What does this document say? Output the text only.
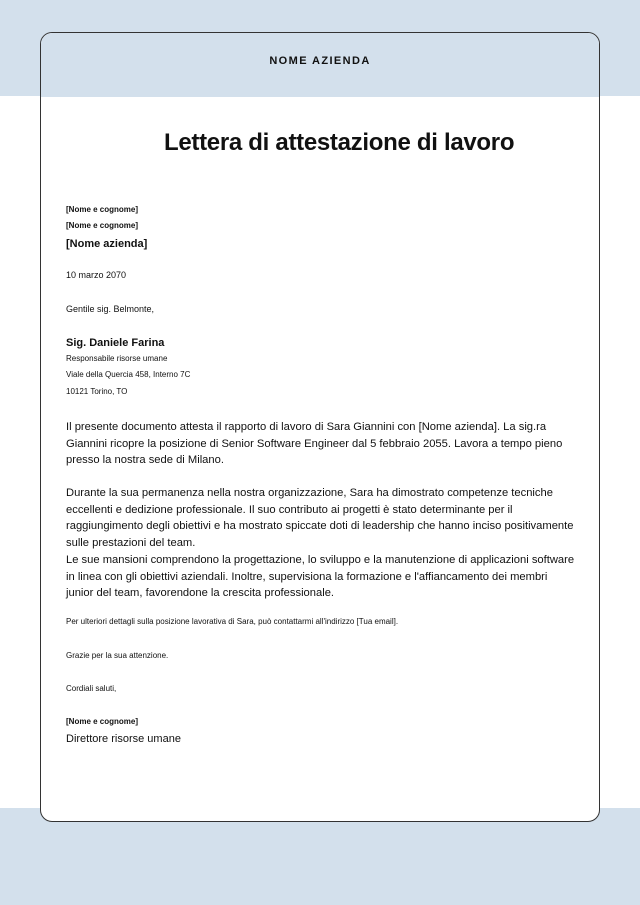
NOME AZIENDA
Lettera di attestazione di lavoro
[Nome e cognome]
[Nome e cognome]
[Nome azienda]
10 marzo 2070
Gentile sig. Belmonte,
Sig. Daniele Farina
Responsabile risorse umane
Viale della Quercia 458, Interno 7C
10121 Torino, TO
Il presente documento attesta il rapporto di lavoro di Sara Giannini con [Nome azienda]. La sig.ra Giannini ricopre la posizione di Senior Software Engineer dal 5 febbraio 2055. Lavora a tempo pieno presso la nostra sede di Milano.
Durante la sua permanenza nella nostra organizzazione, Sara ha dimostrato competenze tecniche eccellenti e dedizione professionale. Il suo contributo ai progetti è stato determinante per il raggiungimento degli obiettivi e ha mostrato spiccate doti di leadership che hanno inciso positivamente sulle prestazioni del team.
Le sue mansioni comprendono la progettazione, lo sviluppo e la manutenzione di applicazioni software in linea con gli obiettivi aziendali. Inoltre, supervisiona la formazione e l'affiancamento dei membri junior del team, favorendone la crescita professionale.
Per ulteriori dettagli sulla posizione lavorativa di Sara, può contattarmi all'indirizzo [Tua email].
Grazie per la sua attenzione.
Cordiali saluti,
[Nome e cognome]
Direttore risorse umane
